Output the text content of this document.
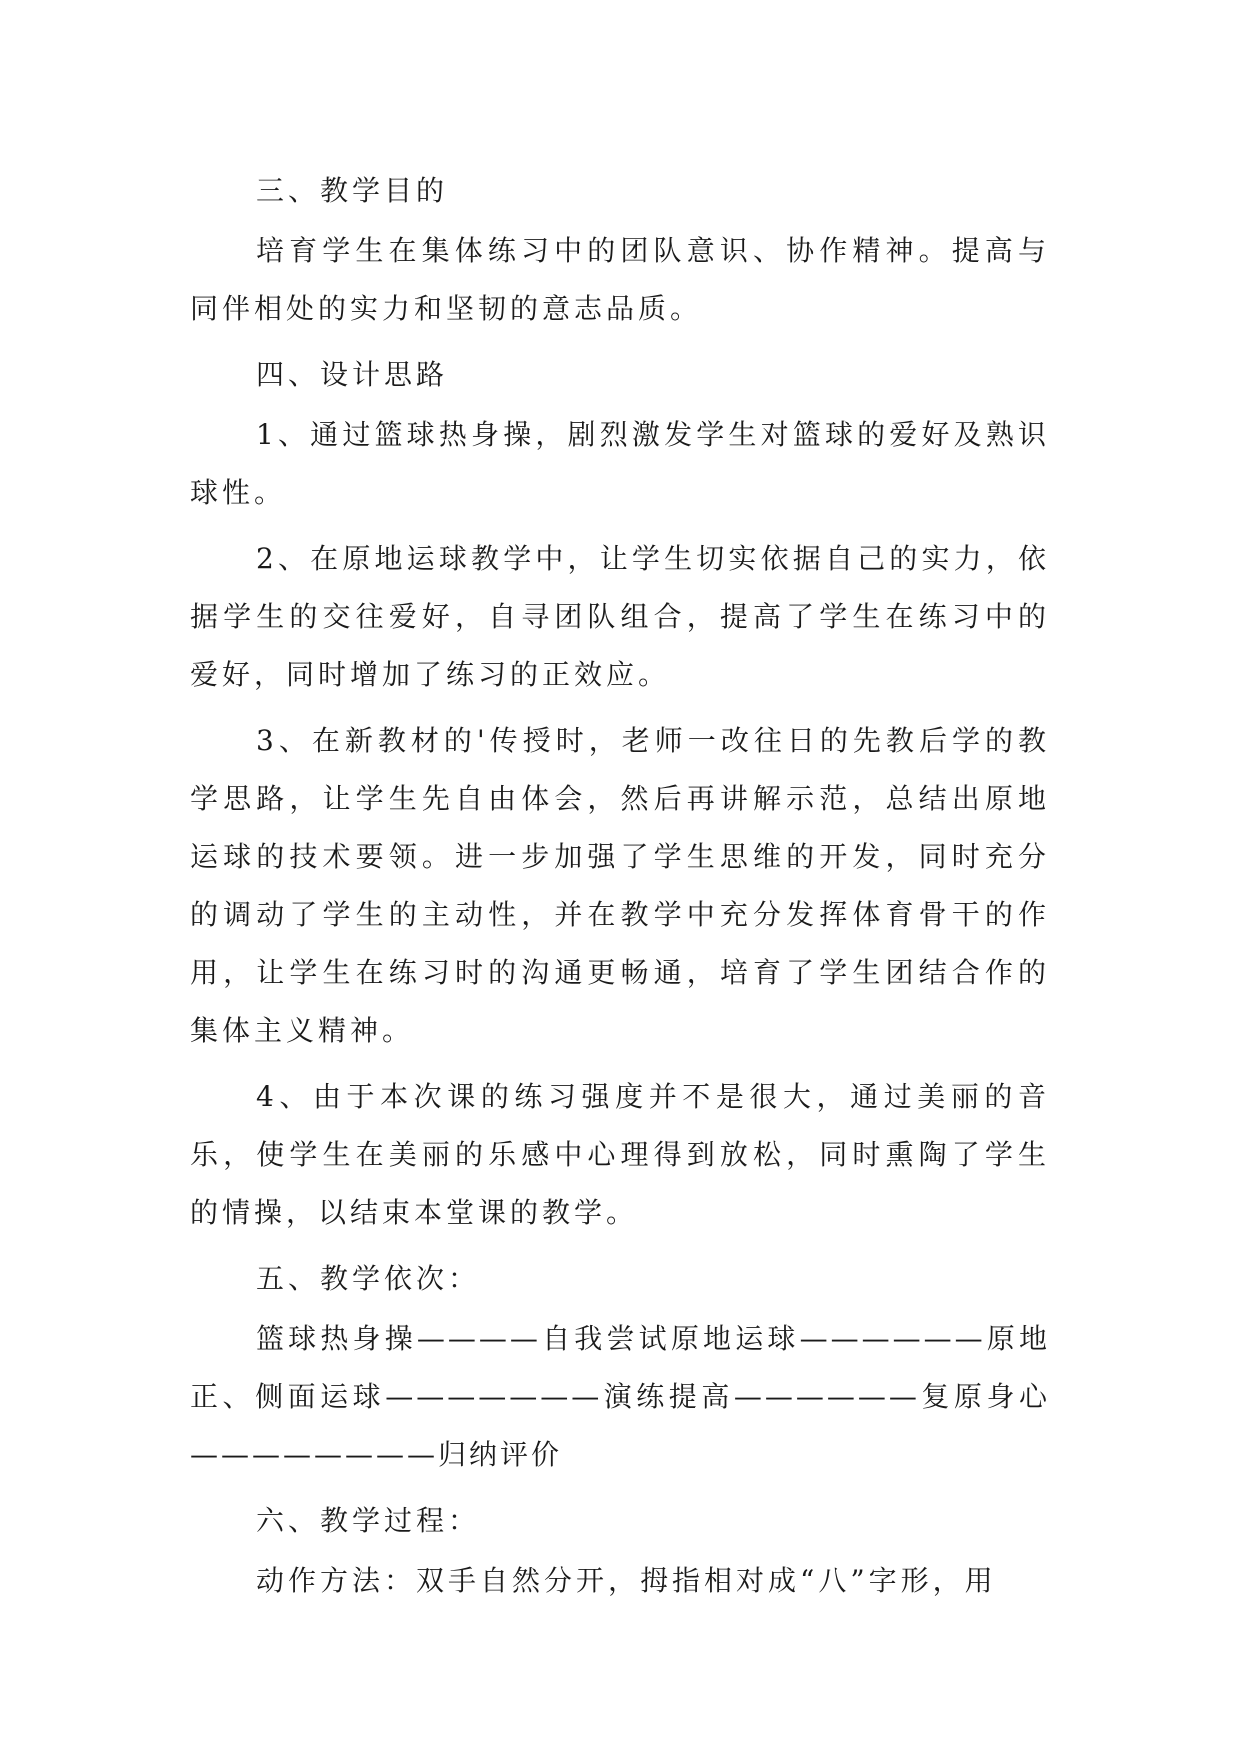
三、教学目的

培育学生在集体练习中的团队意识、协作精神。提高与同伴相处的实力和坚韧的意志品质。

四、设计思路

1、通过篮球热身操，剧烈激发学生对篮球的爱好及熟识球性。

2、在原地运球教学中，让学生切实依据自己的实力，依据学生的交往爱好，自寻团队组合，提高了学生在练习中的爱好，同时增加了练习的正效应。

3、在新教材的'传授时，老师一改往日的先教后学的教学思路，让学生先自由体会，然后再讲解示范，总结出原地运球的技术要领。进一步加强了学生思维的开发，同时充分的调动了学生的主动性，并在教学中充分发挥体育骨干的作用，让学生在练习时的沟通更畅通，培育了学生团结合作的集体主义精神。

4、由于本次课的练习强度并不是很大，通过美丽的音乐，使学生在美丽的乐感中心理得到放松，同时熏陶了学生的情操，以结束本堂课的教学。

五、教学依次：

篮球热身操————自我尝试原地运球——————原地正、侧面运球———————演练提高——————复原身心————————归纳评价

六、教学过程：

动作方法：双手自然分开，拇指相对成“八”字形，用
